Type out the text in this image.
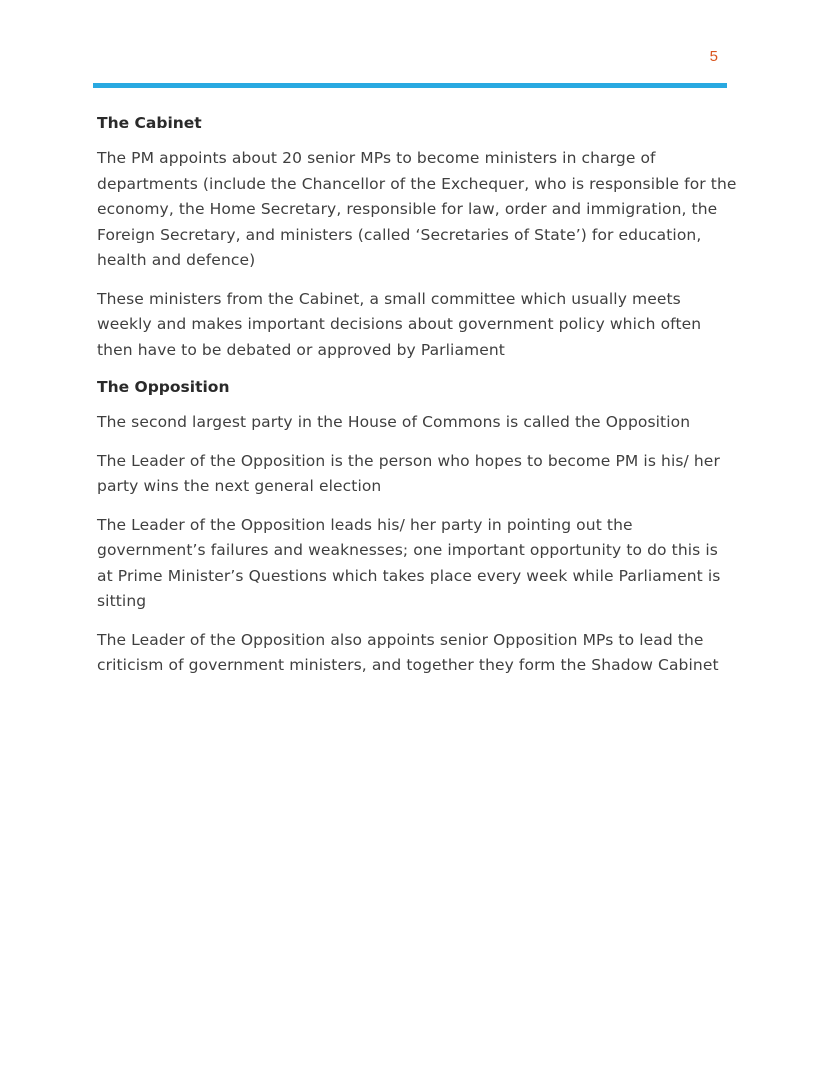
5
The Cabinet

The PM appoints about 20 senior MPs to become ministers in charge of departments (include the Chancellor of the Exchequer, who is responsible for the economy, the Home Secretary, responsible for law, order and immigration, the Foreign Secretary, and ministers (called ‘Secretaries of State’) for education, health and defence)

These ministers from the Cabinet, a small committee which usually meets weekly and makes important decisions about government policy which often then have to be debated or approved by Parliament

The Opposition

The second largest party in the House of Commons is called the Opposition

The Leader of the Opposition is the person who hopes to become PM is his/ her party wins the next general election

The Leader of the Opposition leads his/ her party in pointing out the government’s failures and weaknesses; one important opportunity to do this is at Prime Minister’s Questions which takes place every week while Parliament is sitting

The Leader of the Opposition also appoints senior Opposition MPs to lead the criticism of government ministers, and together they form the Shadow Cabinet
